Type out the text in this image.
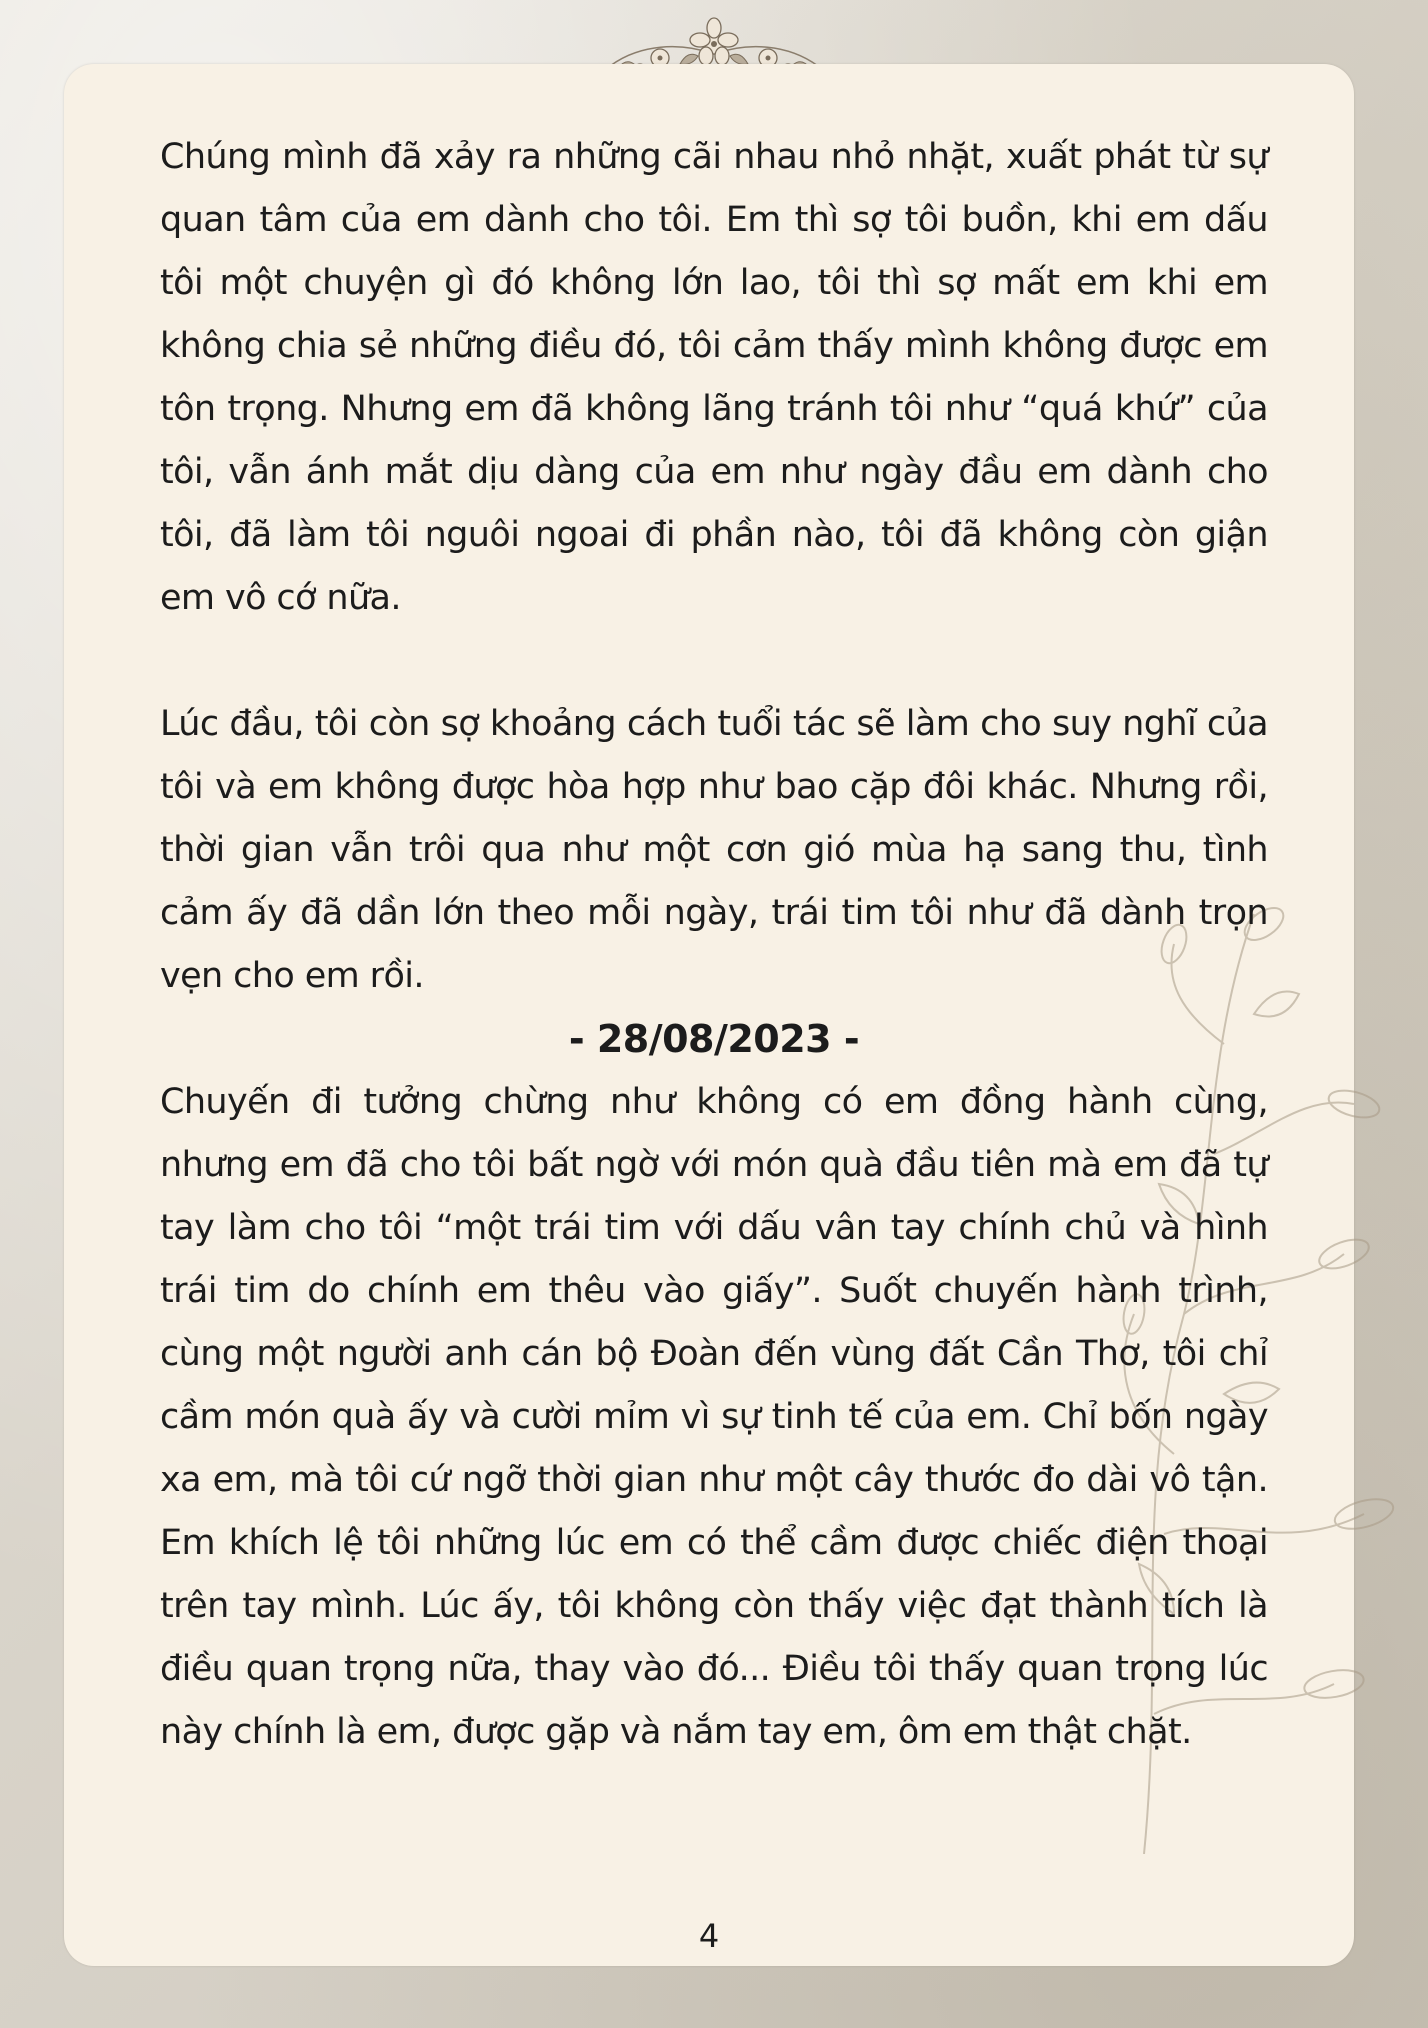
Chúng mình đã xảy ra những cãi nhau nhỏ nhặt, xuất phát từ sự quan tâm của em dành cho tôi. Em thì sợ tôi buồn, khi em dấu tôi một chuyện gì đó không lớn lao, tôi thì sợ mất em khi em không chia sẻ những điều đó, tôi cảm thấy mình không được em tôn trọng. Nhưng em đã không lãng tránh tôi như “quá khứ” của tôi, vẫn ánh mắt dịu dàng của em như ngày đầu em dành cho tôi, đã làm tôi nguôi ngoai đi phần nào, tôi đã không còn giận em vô cớ nữa.

Lúc đầu, tôi còn sợ khoảng cách tuổi tác sẽ làm cho suy nghĩ của tôi và em không được hòa hợp như bao cặp đôi khác. Nhưng rồi, thời gian vẫn trôi qua như một cơn gió mùa hạ sang thu, tình cảm ấy đã dần lớn theo mỗi ngày, trái tim tôi như đã dành trọn vẹn cho em rồi.

- 28/08/2023 -

Chuyến đi tưởng chừng như không có em đồng hành cùng, nhưng em đã cho tôi bất ngờ với món quà đầu tiên mà em đã tự tay làm cho tôi “một trái tim với dấu vân tay chính chủ và hình trái tim do chính em thêu vào giấy”. Suốt chuyến hành trình, cùng một người anh cán bộ Đoàn đến vùng đất Cần Thơ, tôi chỉ cầm món quà ấy và cười mỉm vì sự tinh tế của em. Chỉ bốn ngày xa em, mà tôi cứ ngỡ thời gian như một cây thước đo dài vô tận. Em khích lệ tôi những lúc em có thể cầm được chiếc điện thoại trên tay mình. Lúc ấy, tôi không còn thấy việc đạt thành tích là điều quan trọng nữa, thay vào đó... Điều tôi thấy quan trọng lúc này chính là em, được gặp và nắm tay em, ôm em thật chặt.

4
